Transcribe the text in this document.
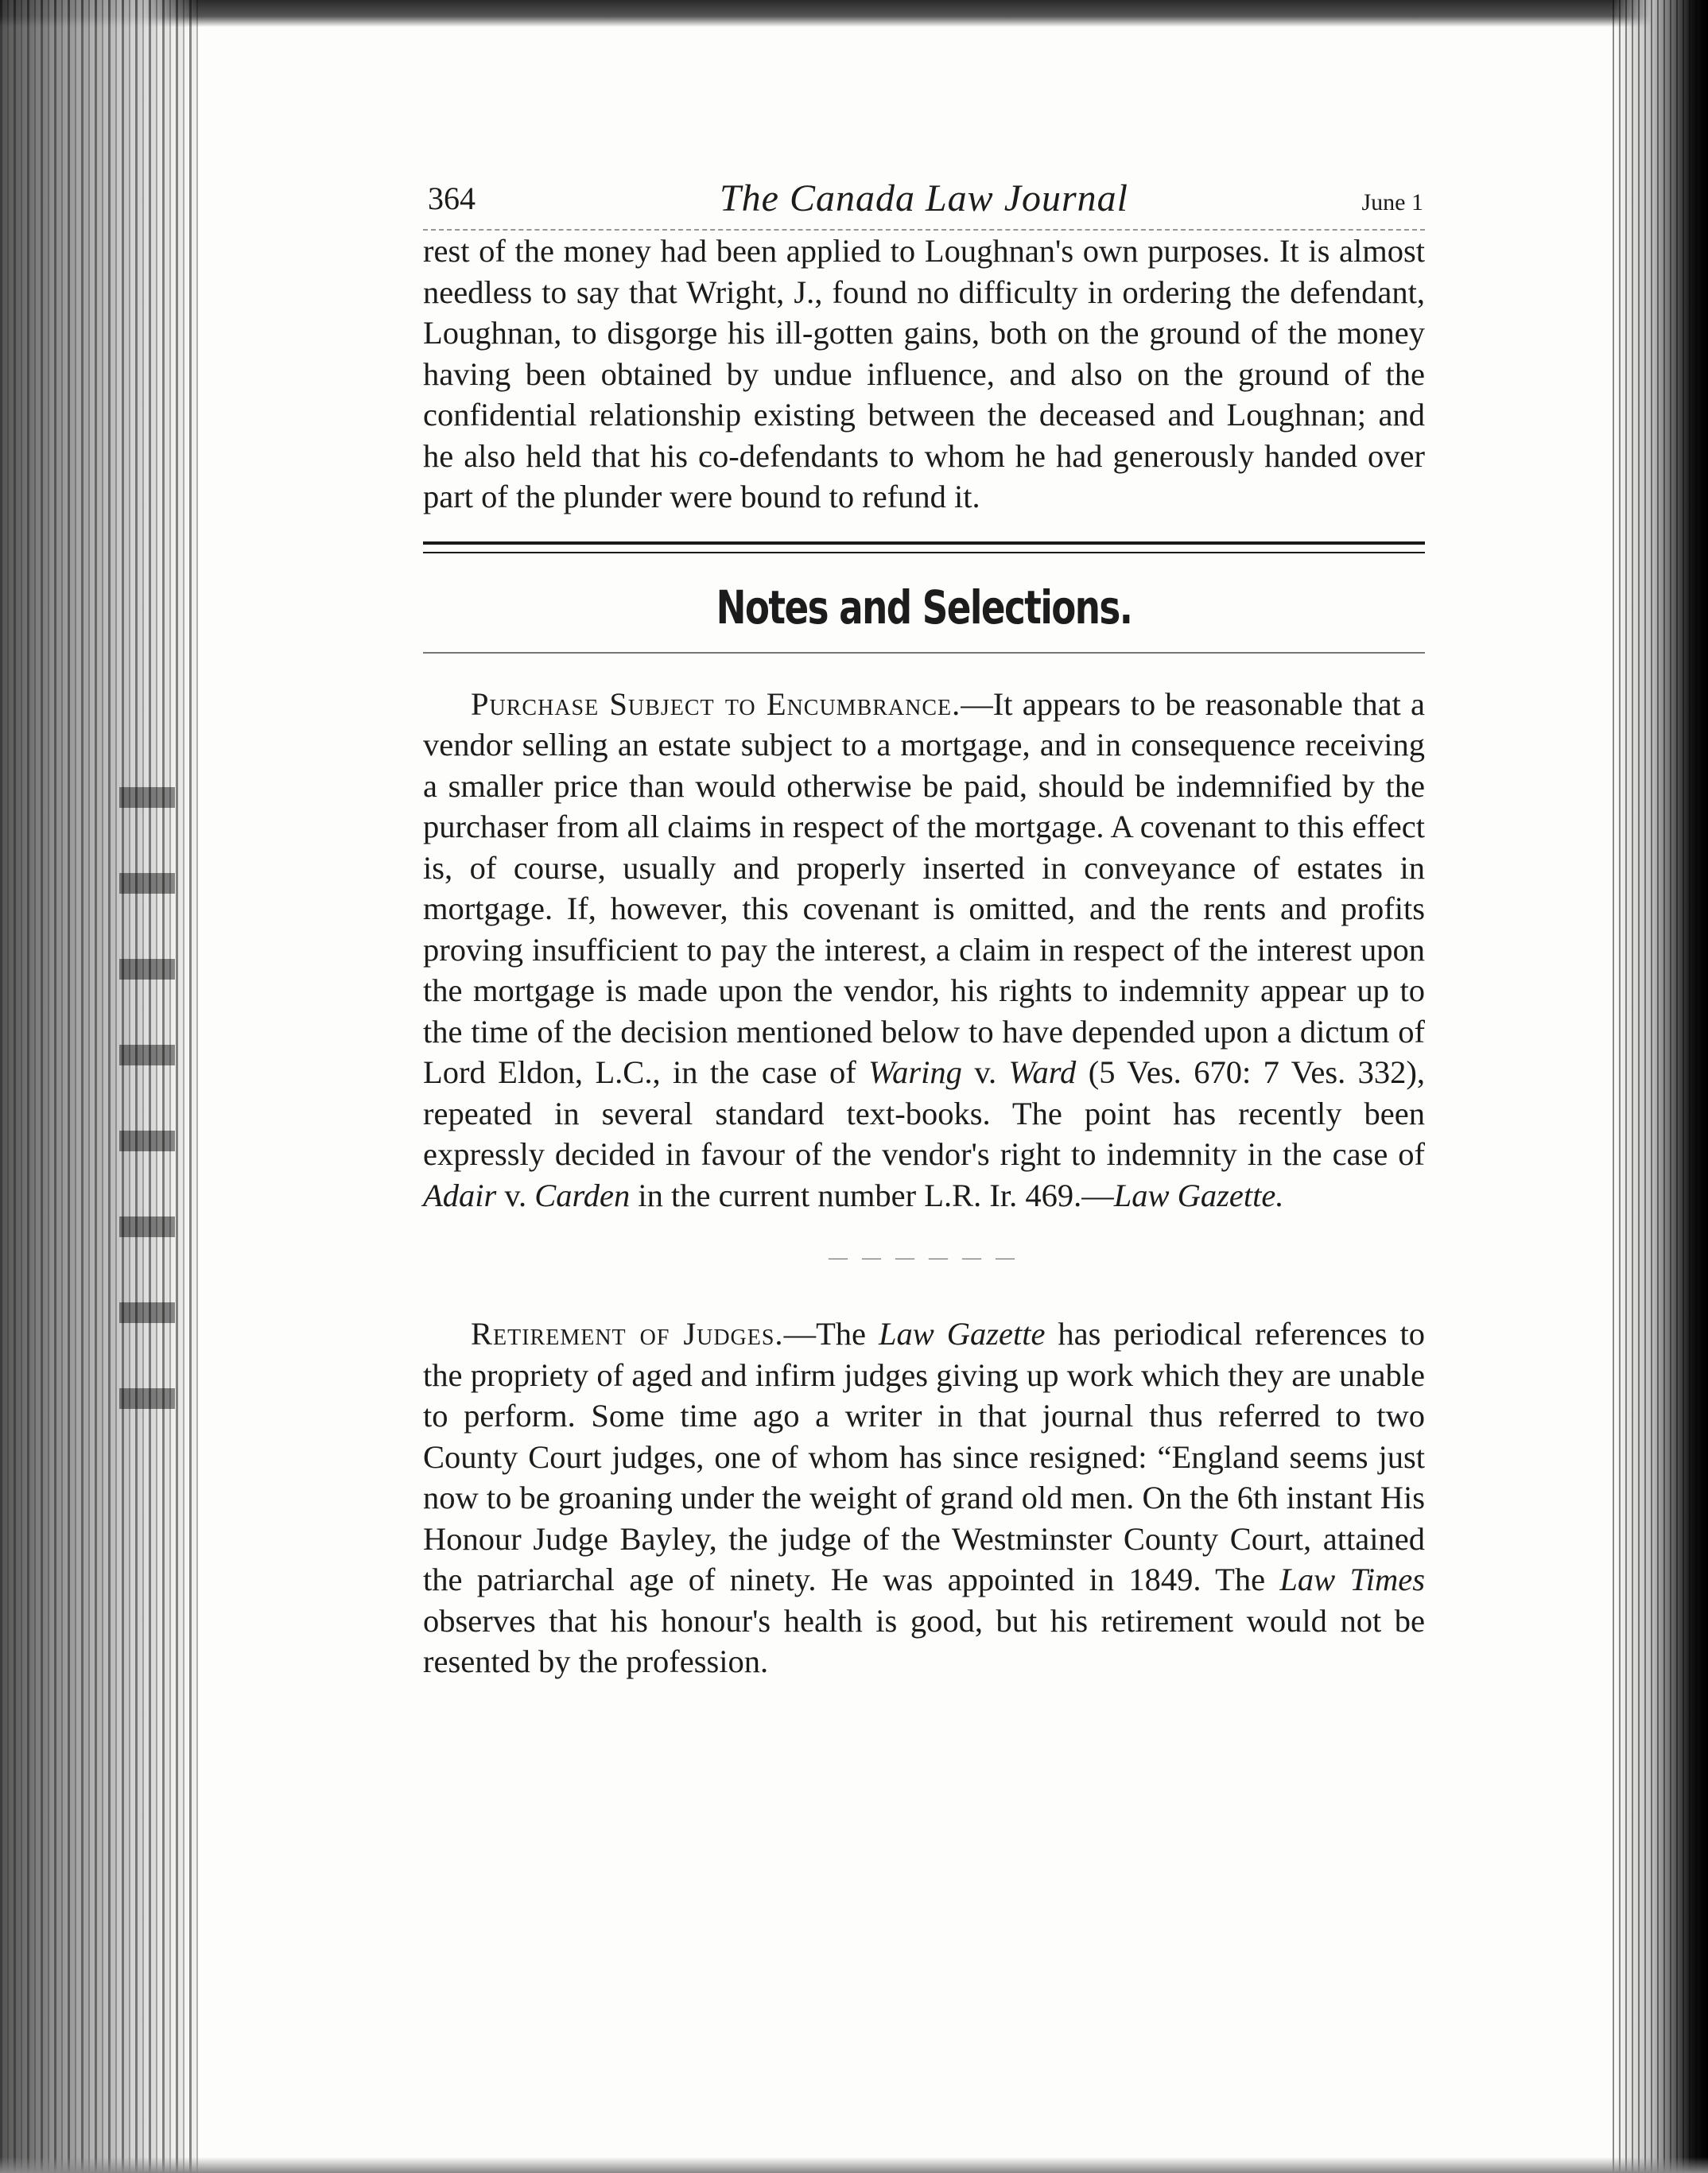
364	The Canada Law Journal	June 1

rest of the money had been applied to Loughnan's own purposes. It is almost needless to say that Wright, J., found no difficulty in ordering the defendant, Loughnan, to disgorge his ill-gotten gains, both on the ground of the money having been obtained by undue influence, and also on the ground of the confidential relationship existing between the deceased and Loughnan; and he also held that his co-defendants to whom he had generously handed over part of the plunder were bound to refund it.

Notes and Selections.

Purchase Subject to Encumbrance.—It appears to be reasonable that a vendor selling an estate subject to a mortgage, and in consequence receiving a smaller price than would otherwise be paid, should be indemnified by the purchaser from all claims in respect of the mortgage. A covenant to this effect is, of course, usually and properly inserted in conveyance of estates in mortgage. If, however, this covenant is omitted, and the rents and profits proving insufficient to pay the interest, a claim in respect of the interest upon the mortgage is made upon the vendor, his rights to indemnity appear up to the time of the decision mentioned below to have depended upon a dictum of Lord Eldon, L.C., in the case of Waring v. Ward (5 Ves. 670: 7 Ves. 332), repeated in several standard text-books. The point has recently been expressly decided in favour of the vendor's right to indemnity in the case of Adair v. Carden in the current number L.R. Ir. 469.—Law Gazette.

— — — — — —

Retirement of Judges.—The Law Gazette has periodical references to the propriety of aged and infirm judges giving up work which they are unable to perform. Some time ago a writer in that journal thus referred to two County Court judges, one of whom has since resigned: “England seems just now to be groaning under the weight of grand old men. On the 6th instant His Honour Judge Bayley, the judge of the Westminster County Court, attained the patriarchal age of ninety. He was appointed in 1849. The Law Times observes that his honour's health is good, but his retirement would not be resented by the profession.
